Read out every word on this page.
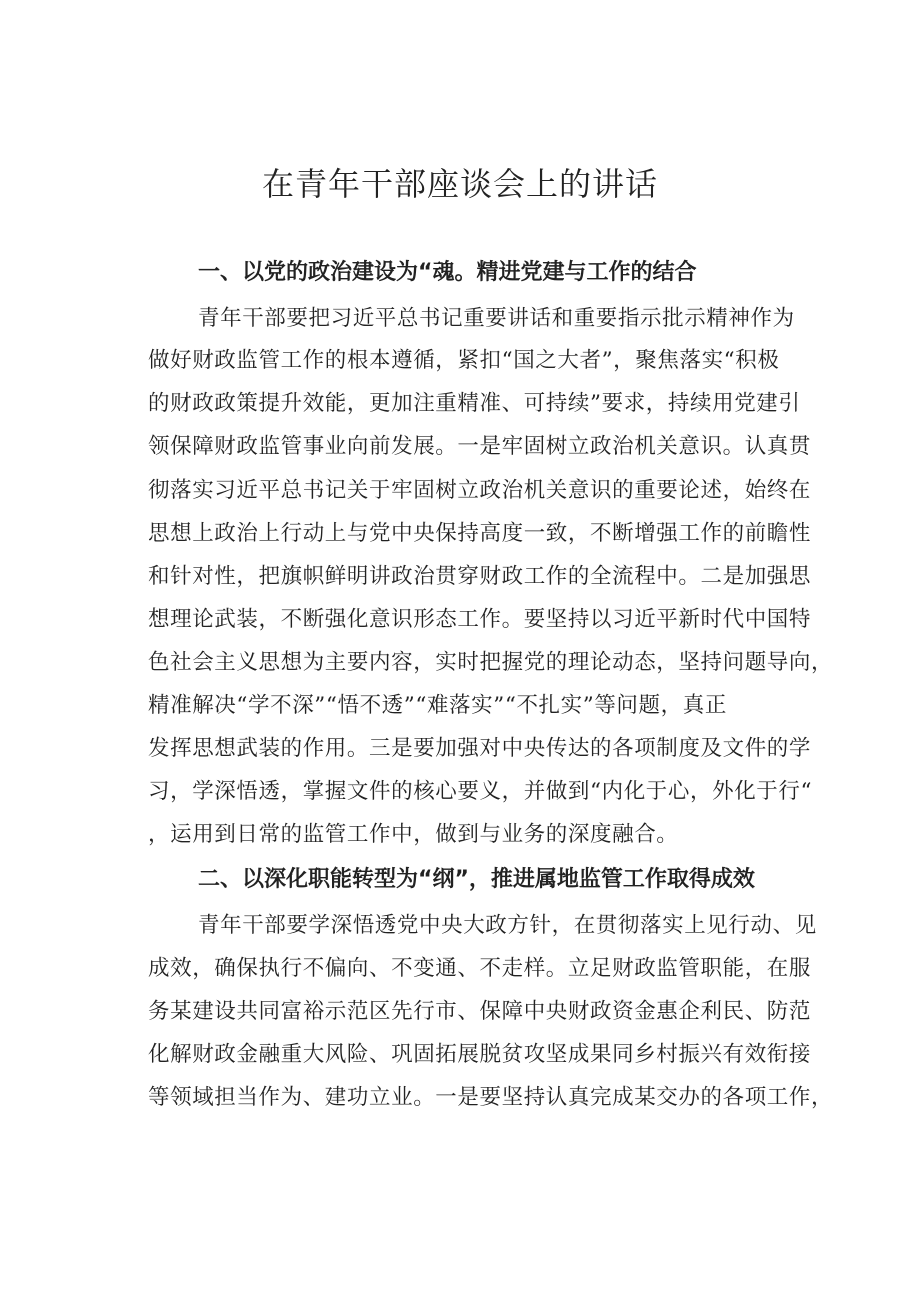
在青年干部座谈会上的讲话
一、以党的政治建设为“魂。精进党建与工作的结合

青年干部要把习近平总书记重要讲话和重要指示批示精神作为

做好财政监管工作的根本遵循，紧扣“国之大者”，聚焦落实“积极

的财政政策提升效能，更加注重精准、可持续”要求，持续用党建引

领保障财政监管事业向前发展。一是牢固树立政治机关意识。认真贯

彻落实习近平总书记关于牢固树立政治机关意识的重要论述，始终在

思想上政治上行动上与党中央保持高度一致，不断增强工作的前瞻性

和针对性，把旗帜鲜明讲政治贯穿财政工作的全流程中。二是加强思

想理论武装，不断强化意识形态工作。要坚持以习近平新时代中国特

色社会主义思想为主要内容，实时把握党的理论动态，坚持问题导向，

精准解决“学不深”“悟不透”“难落实”“不扎实”等问题，真正

发挥思想武装的作用。三是要加强对中央传达的各项制度及文件的学

习，学深悟透，掌握文件的核心要义，并做到“内化于心，外化于行“

，运用到日常的监管工作中，做到与业务的深度融合。

二、以深化职能转型为“纲”，推进属地监管工作取得成效

青年干部要学深悟透党中央大政方针，在贯彻落实上见行动、见

成效，确保执行不偏向、不变通、不走样。立足财政监管职能，在服

务某建设共同富裕示范区先行市、保障中央财政资金惠企利民、防范

化解财政金融重大风险、巩固拓展脱贫攻坚成果同乡村振兴有效衔接

等领域担当作为、建功立业。一是要坚持认真完成某交办的各项工作，
